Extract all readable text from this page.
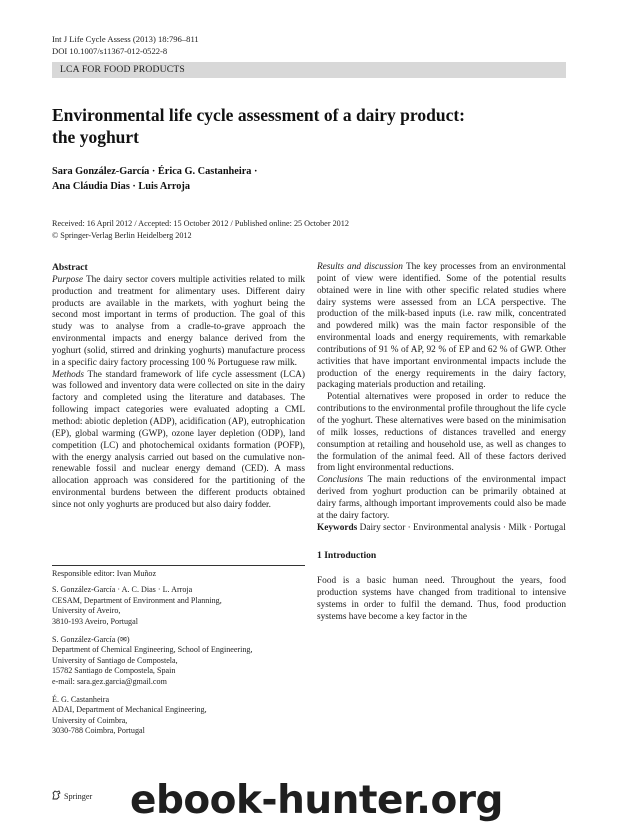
Int J Life Cycle Assess (2013) 18:796–811
DOI 10.1007/s11367-012-0522-8
LCA FOR FOOD PRODUCTS
Environmental life cycle assessment of a dairy product:
the yoghurt
Sara González-García · Érica G. Castanheira ·
Ana Cláudia Dias · Luis Arroja
Received: 16 April 2012 / Accepted: 15 October 2012 / Published online: 25 October 2012
© Springer-Verlag Berlin Heidelberg 2012
Abstract

Purpose The dairy sector covers multiple activities related to milk production and treatment for alimentary uses. Different dairy products are available in the markets, with yoghurt being the second most important in terms of production. The goal of this study was to analyse from a cradle-to-grave approach the environmental impacts and energy balance derived from the yoghurt (solid, stirred and drinking yoghurts) manufacture process in a specific dairy factory processing 100 % Portuguese raw milk.

Methods The standard framework of life cycle assessment (LCA) was followed and inventory data were collected on site in the dairy factory and completed using the literature and databases. The following impact categories were evaluated adopting a CML method: abiotic depletion (ADP), acidification (AP), eutrophication (EP), global warming (GWP), ozone layer depletion (ODP), land competition (LC) and photochemical oxidants formation (POFP), with the energy analysis carried out based on the cumulative non-renewable fossil and nuclear energy demand (CED). A mass allocation approach was considered for the partitioning of the environmental burdens between the different products obtained since not only yoghurts are produced but also dairy fodder.

Responsible editor: Ivan Muñoz

S. González-García · A. C. Dias · L. Arroja
CESAM, Department of Environment and Planning,
University of Aveiro,
3810-193 Aveiro, Portugal

S. González-García (✉)
Department of Chemical Engineering, School of Engineering,
University of Santiago de Compostela,
15782 Santiago de Compostela, Spain
e-mail: sara.gez.garcia@gmail.com

É. G. Castanheira
ADAI, Department of Mechanical Engineering,
University of Coimbra,
3030-788 Coimbra, Portugal

Results and discussion The key processes from an environmental point of view were identified. Some of the potential results obtained were in line with other specific related studies where dairy systems were assessed from an LCA perspective. The production of the milk-based inputs (i.e. raw milk, concentrated and powdered milk) was the main factor responsible of the environmental loads and energy requirements, with remarkable contributions of 91 % of AP, 92 % of EP and 62 % of GWP. Other activities that have important environmental impacts include the production of the energy requirements in the dairy factory, packaging materials production and retailing.

Potential alternatives were proposed in order to reduce the contributions to the environmental profile throughout the life cycle of the yoghurt. These alternatives were based on the minimisation of milk losses, reductions of distances travelled and energy consumption at retailing and household use, as well as changes to the formulation of the animal feed. All of these factors derived from light environmental reductions.

Conclusions The main reductions of the environmental impact derived from yoghurt production can be primarily obtained at dairy farms, although important improvements could also be made at the dairy factory.

Keywords Dairy sector · Environmental analysis · Milk · Portugal

1 Introduction

Food is a basic human need. Throughout the years, food production systems have changed from traditional to intensive systems in order to fulfil the demand. Thus, food production systems have become a key factor in the

Springer ebook-hunter.org
